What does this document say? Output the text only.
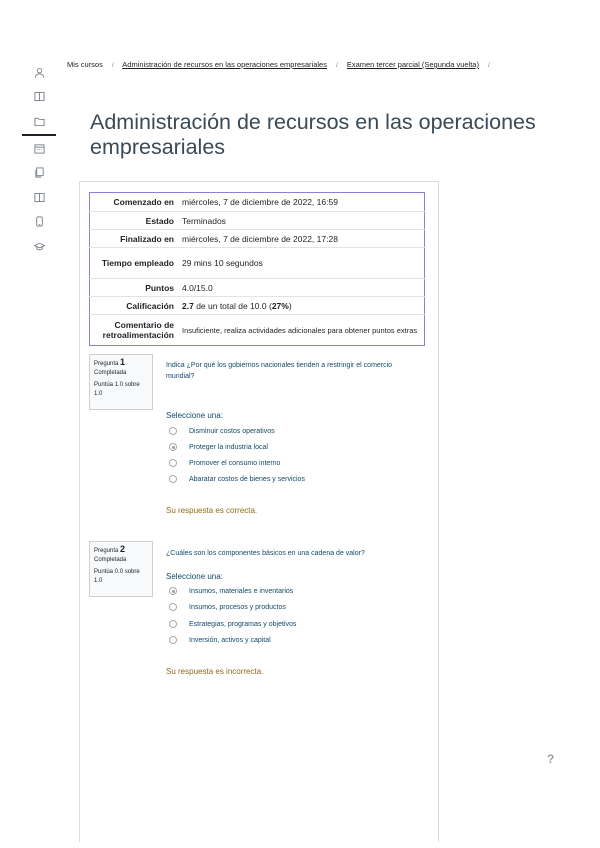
Mis cursos / Administración de recursos en las operaciones empresariales / Examen tercer parcial (Segunda vuelta) /
Administración de recursos en las operaciones empresariales
Comenzado en	miércoles, 7 de diciembre de 2022, 16:59
Estado	Terminados
Finalizado en	miércoles, 7 de diciembre de 2022, 17:28
Tiempo empleado	29 mins 10 segundos
Puntos	4.0/15.0
Calificación	2.7 de un total de 10.0 (27%)
Comentario de retroalimentación	Insuficiente, realiza actividades adicionales para obtener puntos extras
Pregunta 1
Completada
Puntúa 1.0 sobre 1.0
Indica ¿Por qué los gobiernos nacionales tienden a restringir el comercio mundial?
Seleccione una:
Disminuir costos operativos
Proteger la industria local
Promover el consumo interno
Abaratar costos de bienes y servicios
Su respuesta es correcta.
Pregunta 2
Completada
Puntúa 0.0 sobre 1.0
¿Cuáles son los componentes básicos en una cadena de valor?
Seleccione una:
Insumos, materiales e inventarios
Insumos, procesos y productos
Estrategias, programas y objetivos
Inversión, activos y capital
Su respuesta es incorrecta.
?
